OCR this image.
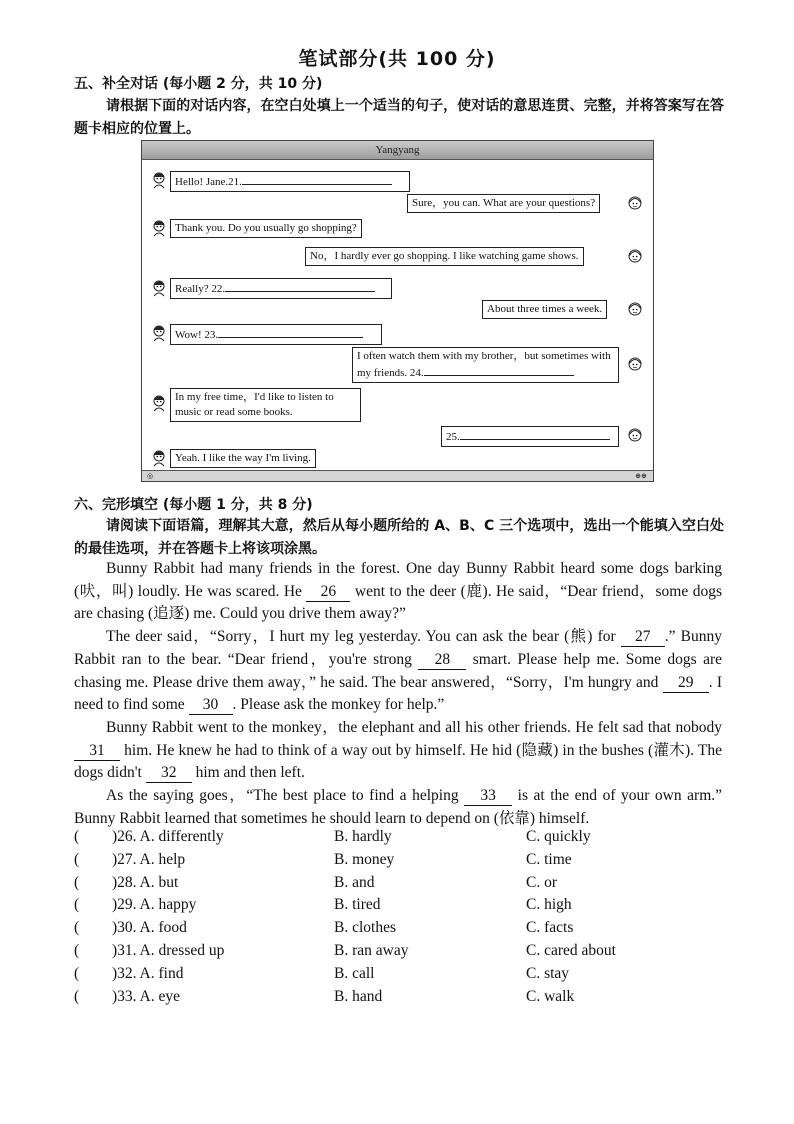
笔试部分(共 100 分)
五、补全对话 (每小题 2 分，共 10 分)
请根据下面的对话内容，在空白处填上一个适当的句子，使对话的意思连贯、完整，并将答案写在答题卡相应的位置上。
Yangyang
Hello! Jane.21.
Sure，you can. What are your questions?
Thank you. Do you usually go shopping?
No，I hardly ever go shopping. I like watching game shows.
Really? 22.
About three times a week.
Wow! 23.
I often watch them with my brother，but sometimes with my friends. 24.
In my free time，I'd like to listen to music or read some books.
25.
Yeah. I like the way I'm living.
◎	⊕⊕
六、完形填空 (每小题 1 分，共 8 分)
请阅读下面语篇，理解其大意，然后从每小题所给的 A、B、C 三个选项中，选出一个能填入空白处的最佳选项，并在答题卡上将该项涂黑。

Bunny Rabbit had many friends in the forest. One day Bunny Rabbit heard some dogs barking (吠，叫) loudly. He was scared. He 26 went to the deer (鹿). He said，“Dear friend，some dogs are chasing (追逐) me. Could you drive them away?”

The deer said，“Sorry，I hurt my leg yesterday. You can ask the bear (熊) for 27 .” Bunny Rabbit ran to the bear. “Dear friend，you're strong 28 smart. Please help me. Some dogs are chasing me. Please drive them away，” he said. The bear answered，“Sorry，I'm hungry and 29 . I need to find some 30 . Please ask the monkey for help.”

Bunny Rabbit went to the monkey，the elephant and all his other friends. He felt sad that nobody 31 him. He knew he had to think of a way out by himself. He hid (隐藏) in the bushes (灌木). The dogs didn't 32 him and then left.

As the saying goes，“The best place to find a helping 33 is at the end of your own arm.” Bunny Rabbit learned that sometimes he should learn to depend on (依靠) himself.

( )26. A. differently	B. hardly	C. quickly
( )27. A. help	B. money	C. time
( )28. A. but	B. and	C. or
( )29. A. happy	B. tired	C. high
( )30. A. food	B. clothes	C. facts
( )31. A. dressed up	B. ran away	C. cared about
( )32. A. find	B. call	C. stay
( )33. A. eye	B. hand	C. walk
